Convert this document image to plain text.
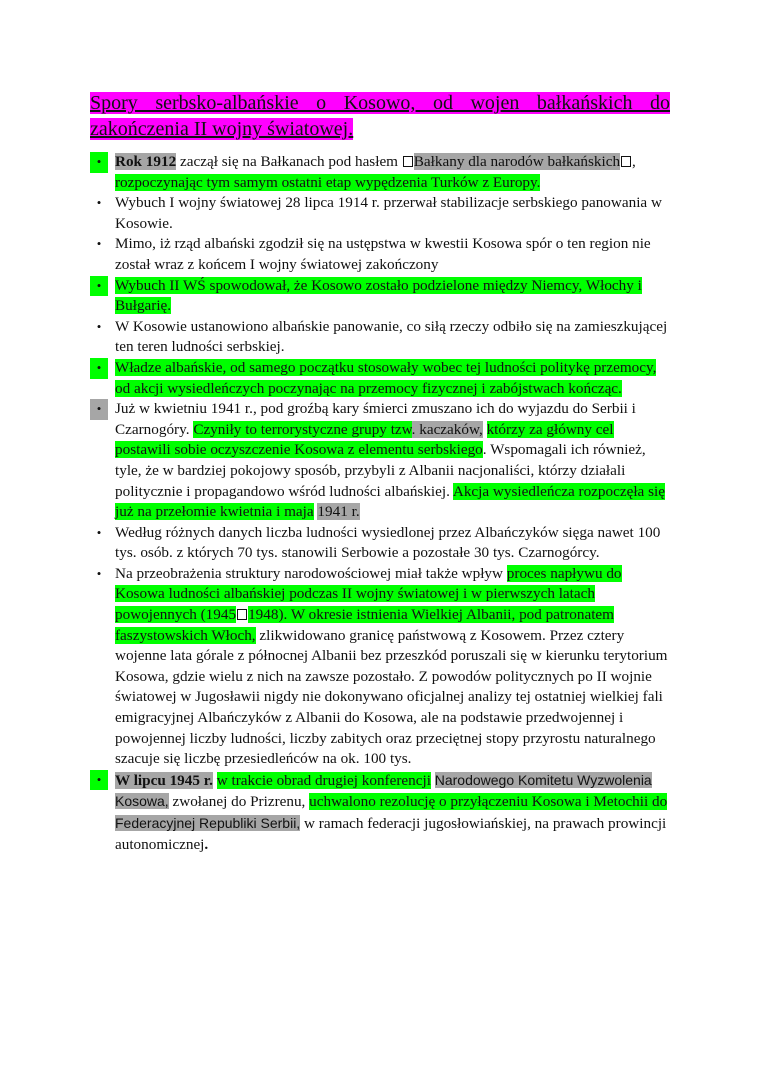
Spory serbsko-albańskie o Kosowo, od wojen bałkańskich do zakończenia II wojny światowej.
• Rok 1912 zaczął się na Bałkanach pod hasłem Bałkany dla narodów bałkańskich , rozpoczynając tym samym ostatni etap wypędzenia Turków z Europy.
• Wybuch I wojny światowej 28 lipca 1914 r. przerwał stabilizacje serbskiego panowania w Kosowie.
• Mimo, iż rząd albański zgodził się na ustępstwa w kwestii Kosowa spór o ten region nie został wraz z końcem I wojny światowej zakończony
• Wybuch II WŚ spowodował, że Kosowo zostało podzielone między Niemcy, Włochy i Bułgarię.
• W Kosowie ustanowiono albańskie panowanie, co siłą rzeczy odbiło się na zamieszkującej ten teren ludności serbskiej.
• Władze albańskie, od samego początku stosowały wobec tej ludności politykę przemocy, od akcji wysiedleńczych poczynając na przemocy fizycznej i zabójstwach kończąc.
• Już w kwietniu 1941 r., pod groźbą kary śmierci zmuszano ich do wyjazdu do Serbii i Czarnogóry. Czyniły to terrorystyczne grupy tzw. kaczaków, którzy za główny cel postawili sobie oczyszczenie Kosowa z elementu serbskiego. Wspomagali ich również, tyle, że w bardziej pokojowy sposób, przybyli z Albanii nacjonaliści, którzy działali politycznie i propagandowo wśród ludności albańskiej. Akcja wysiedleńcza rozpoczęła się już na przełomie kwietnia i maja 1941 r.
• Według różnych danych liczba ludności wysiedlonej przez Albańczyków sięga nawet 100 tys. osób. z których 70 tys. stanowili Serbowie a pozostałe 30 tys. Czarnogórcy.
• Na przeobrażenia struktury narodowościowej miał także wpływ proces napływu do Kosowa ludności albańskiej podczas II wojny światowej i w pierwszych latach powojennych (1945 1948). W okresie istnienia Wielkiej Albanii, pod patronatem faszystowskich Włoch, zlikwidowano granicę państwową z Kosowem. Przez cztery wojenne lata górale z północnej Albanii bez przeszkód poruszali się w kierunku terytorium Kosowa, gdzie wielu z nich na zawsze pozostało. Z powodów politycznych po II wojnie światowej w Jugosławii nigdy nie dokonywano oficjalnej analizy tej ostatniej wielkiej fali emigracyjnej Albańczyków z Albanii do Kosowa, ale na podstawie przedwojennej i powojennej liczby ludności, liczby zabitych oraz przeciętnej stopy przyrostu naturalnego szacuje się liczbę przesiedleńców na ok. 100 tys.
• W lipcu 1945 r. w trakcie obrad drugiej konferencji Narodowego Komitetu Wyzwolenia Kosowa, zwołanej do Prizrenu, uchwalono rezolucję o przyłączeniu Kosowa i Metochii do Federacyjnej Republiki Serbii, w ramach federacji jugosłowiańskiej, na prawach prowincji autonomicznej.
